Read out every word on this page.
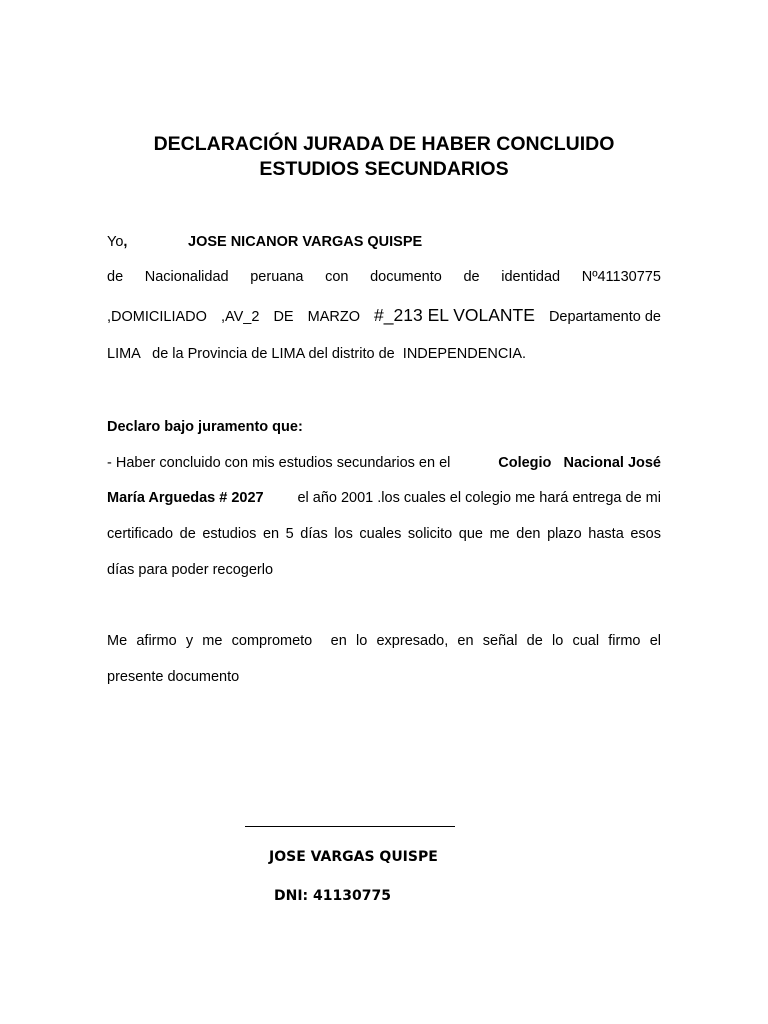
DECLARACIÓN JURADA DE HABER CONCLUIDO
ESTUDIOS SECUNDARIOS
Yo,	JOSE NICANOR VARGAS QUISPE
de Nacionalidad peruana con documento de identidad Nº41130775
,DOMICILIADO ,AV_2 DE MARZO #_213 EL VOLANTE Departamento de
LIMA   de la Provincia de LIMA del distrito de  INDEPENDENCIA.
Declaro bajo juramento que:
- Haber concluido con mis estudios secundarios en el	Colegio   Nacional José
María Arguedas # 2027 el año 2001 .los cuales el colegio me hará entrega de mi
certificado de estudios en 5 días los cuales solicito que me den plazo hasta esos
días para poder recogerlo
Me afirmo y me comprometo  en lo expresado, en señal de lo cual firmo el
presente documento
JOSE VARGAS QUISPE
DNI: 41130775
